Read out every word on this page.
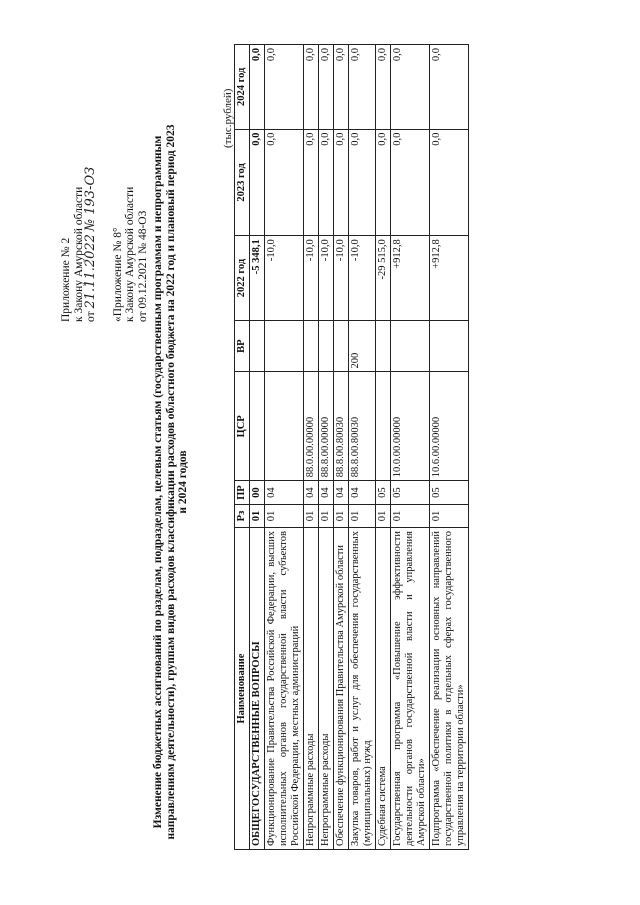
Приложение № 2 к Закону Амурской области от 21.11.2022 № 193-ОЗ
«Приложение № 8° к Закону Амурской области от 09.12.2021 № 48-ОЗ Изменение бюджетных ассигнований по разделам, подразделам, целевым статьям (государственным программам и непрограммным направлениям деятельности), группам видов расходов классификации расходов областного бюджета на 2022 год и плановый период 2023 и 2024 годов
(тыс.рублей)
Наименование	Рз	ПР	ЦСР	ВР	2022 год	2023 год	2024 год
ОБЩЕГОСУДАРСТВЕННЫЕ ВОПРОСЫ	01	00			-5 348,1	0,0	0,0
Функционирование Правительства Российской Федерации, высших исполнительных органов государственной власти субъектов Российской Федерации, местных администраций	01	04			-10,0	0,0	0,0
Непрограммные расходы	01	04	88.0.00.00000		-10,0	0,0	0,0
Непрограммные расходы	01	04	88.8.00.00000		-10,0	0,0	0,0
Обеспечение функционирования Правительства Амурской области	01	04	88.8.00.80030		-10,0	0,0	0,0
Закупка товаров, работ и услуг для обеспечения государственных (муниципальных) нужд	01	04	88.8.00.80030	200	-10,0	0,0	0,0
Судебная система	01	05			-29 515,0	0,0	0,0
Государственная программа «Повышение эффективности деятельности органов государственной власти и управления Амурской области»	01	05	10.0.00.00000		+912,8	0,0	0,0
Подпрограмма «Обеспечение реализации основных направлений государственной политики в отдельных сферах государственного управления на территории области»	01	05	10.6.00.00000		+912,8	0,0	0,0
